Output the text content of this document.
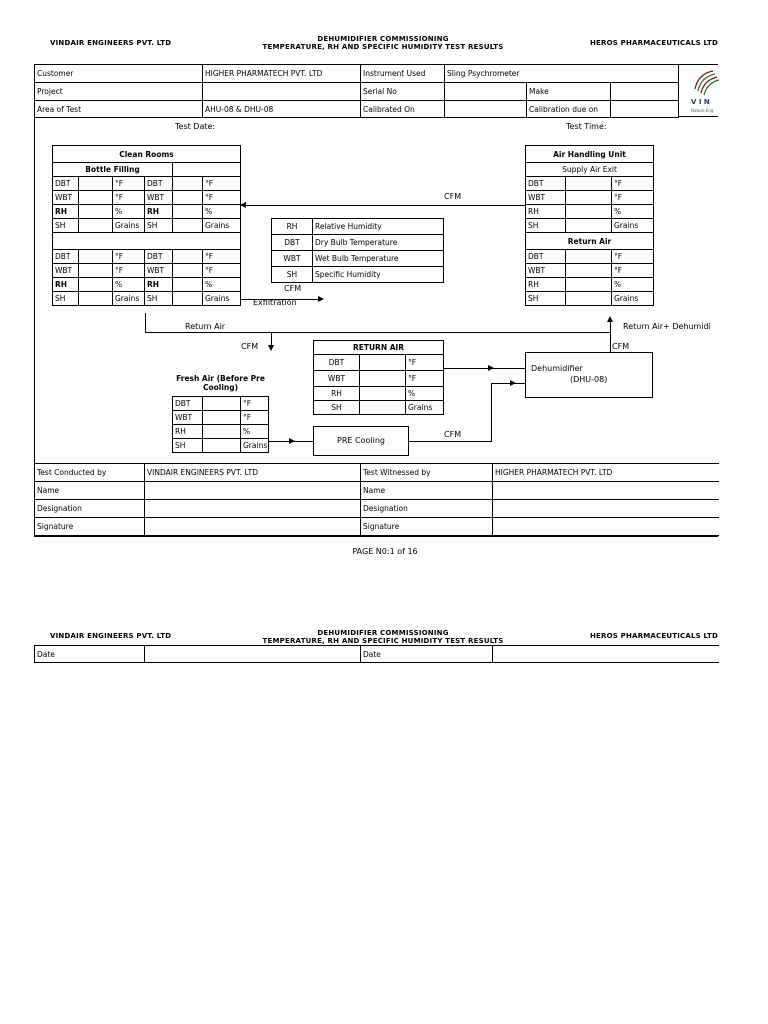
VINDAIR ENGINEERS PVT. LTD	DEHUMIDIFIER COMMISSIONING
TEMPERATURE, RH AND SPECIFIC HUMIDITY TEST RESULTS	HEROS PHARMACEUTICALS LTD
Customer	HIGHER PHARMATECH PVT. LTD	Instrument Used	Sling Psychrometer		
Project		Serial No		Make	
Area of Test	AHU-08 & DHU-08	Calibrated On		Calibration due on	
V I N
Nature Eng
Test Date:	Test Time:
Clean Rooms					
Bottle Filling					
DBT		°F	DBT		°F
WBT		°F	WBT		°F
RH		%	RH		%
SH		Grains	SH		Grains

DBT		°F	DBT		°F
WBT		°F	WBT		°F
RH		%	RH		%
SH		Grains	SH		Grains
Air Handling Unit		
Supply Air Exit		
DBT		°F
WBT		°F
RH		%
SH		Grains
Return Air		
DBT		°F
WBT		°F
RH		%
SH		Grains
RH	Relative Humidity
DBT	Dry Bulb Temperature
WBT	Wet Bulb Temperature
SH	Specific Humidity
RETURN AIR		
DBT		°F
WBT		°F
RH		%
SH		Grains
Fresh Air (Before Pre Cooling)		
DBT		°F
WBT		°F
RH		%
SH		Grains	PRE Cooling
Dehumidifier
(DHU-08)
CFM
Exfiltration
CFM
Return Air	Return Air+ Dehumidi
CFM	CFM
CFM
Test Conducted by	VINDAIR ENGINEERS PVT. LTD	Test Witnessed by	HIGHER PHARMATECH PVT. LTD
Name		Name	
Designation		Designation	
Signature		Signature	
PAGE N0:1 of 16
VINDAIR ENGINEERS PVT. LTD	DEHUMIDIFIER COMMISSIONING
TEMPERATURE, RH AND SPECIFIC HUMIDITY TEST RESULTS
HEROS PHARMACEUTICALS LTD
Date		Date	
